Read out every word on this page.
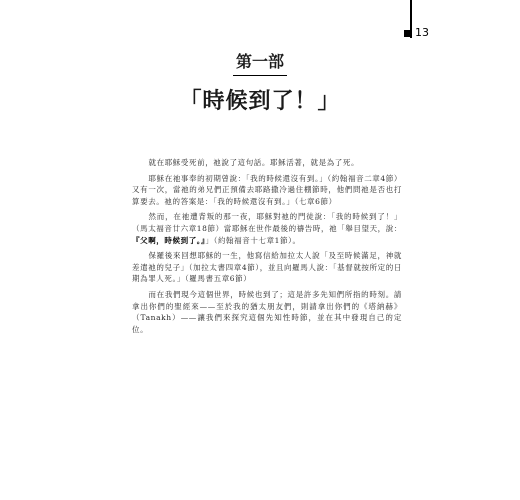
13
第一部
「時候到了！」

就在耶穌受死前，祂說了這句話。耶穌活著，就是為了死。

耶穌在祂事奉的初期曾說：「我的時候還沒有到。」（約翰福音二章4節）又有一次，當祂的弟兄們正預備去耶路撒冷過住棚節時，他們問祂是否也打算要去。祂的答案是：「我的時候還沒有到。」（七章6節）

然而，在祂遭背叛的那一夜，耶穌對祂的門徒說：「我的時候到了！」（馬太福音廿六章18節）當耶穌在世作最後的禱告時，祂「舉目望天，說：『父啊，時候到了。』」（約翰福音十七章1節）。

保羅後來回想耶穌的一生，他寫信給加拉太人說「及至時候滿足，神就差遣祂的兒子」（加拉太書四章4節），並且向羅馬人說：「基督就按所定的日期為罪人死。」（羅馬書五章6節）

而在我們現今這個世界，時候也到了；這是許多先知們所指的時刻。請拿出你們的聖經來——至於我的猶太朋友們，則請拿出你們的《塔納赫》（Tanakh）——讓我們來探究這個先知性時節，並在其中發現自己的定位。
